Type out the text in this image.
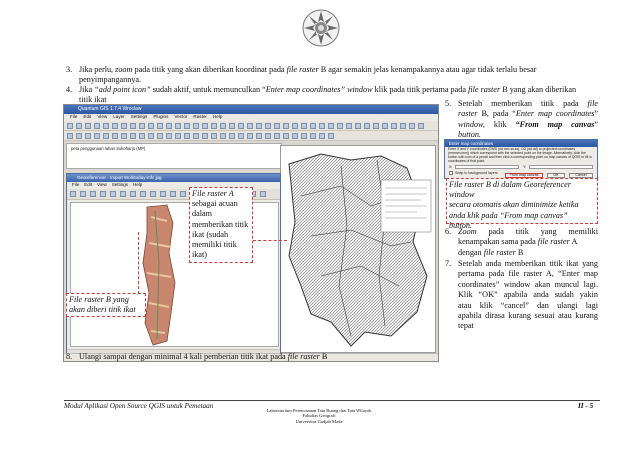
3. Jika perlu, zoom pada titik yang akan diberikan koordinat pada file raster B agar semakin jelas kenampakannya atau agar tidak terlalu besar
penyimpangannya.
4. Jika “add point icon” sudah aktif, untuk memunculkan “Enter map coordinates” window klik pada titik pertama pada file raster B yang akan diberikan
titik ikat
Quantum GIS 1.7.4 Wroclaw
File Edit View Layer Settings Plugins Vector Raster Help
peta penggunaan lahan Sukoharjo (MP)
Georeferencer - Import Worktoday-mfc jpg
File Edit View Settings Help
File raster A
sebagai acuan
dalam
memberikan titik
ikat (sudah
memiliki titik
ikat)
File raster B yang
akan diberi titik ikat
5. Setelah memberikan titik pada file
raster B, pada “Enter map coordinates”
window, klik “From map canvas”
button.
Enter map coordinates
Enter X and Y coordinates (DMS (dd mm ss.ss), DD (dd.dd) or projected coordinates (mmmm.mm)) which correspond with the selected point on the image. Alternatively, click the button with icon of a pencil and then click a corresponding point on map canvas of QGIS to fill in coordinates of that point.
X:	Y:
Snap to background layers	From map canvas	OK	Cancel
File raster B di dalam Georeferencer window
secara otomatis akan diminimize ketika
anda klik pada “From map canvas”
button.
6. Zoom pada titik yang memiliki
kenampakan sama pada file raster A
dengan file raster B
7. Setelah anda memberikan titik ikat yang
pertama pada file raster A, “Enter map
coordinates” window akan muncul lagi.
Klik “OK” apabila anda sudah yakin
atau klik “cancel” dan ulangi lagi
apabila dirasa kurang sesuai atau kurang
tepat
8. Ulangi sampai dengan minimal 4 kali pemberian titik ikat pada file raster B
Modul Aplikasi Open Source QGIS untuk Pemetaan	II - 5
Laboratorium Perencanaan Tata Ruang dan Tata Wilayah
Fakultas Geografi
Universitas Gadjah Mada
